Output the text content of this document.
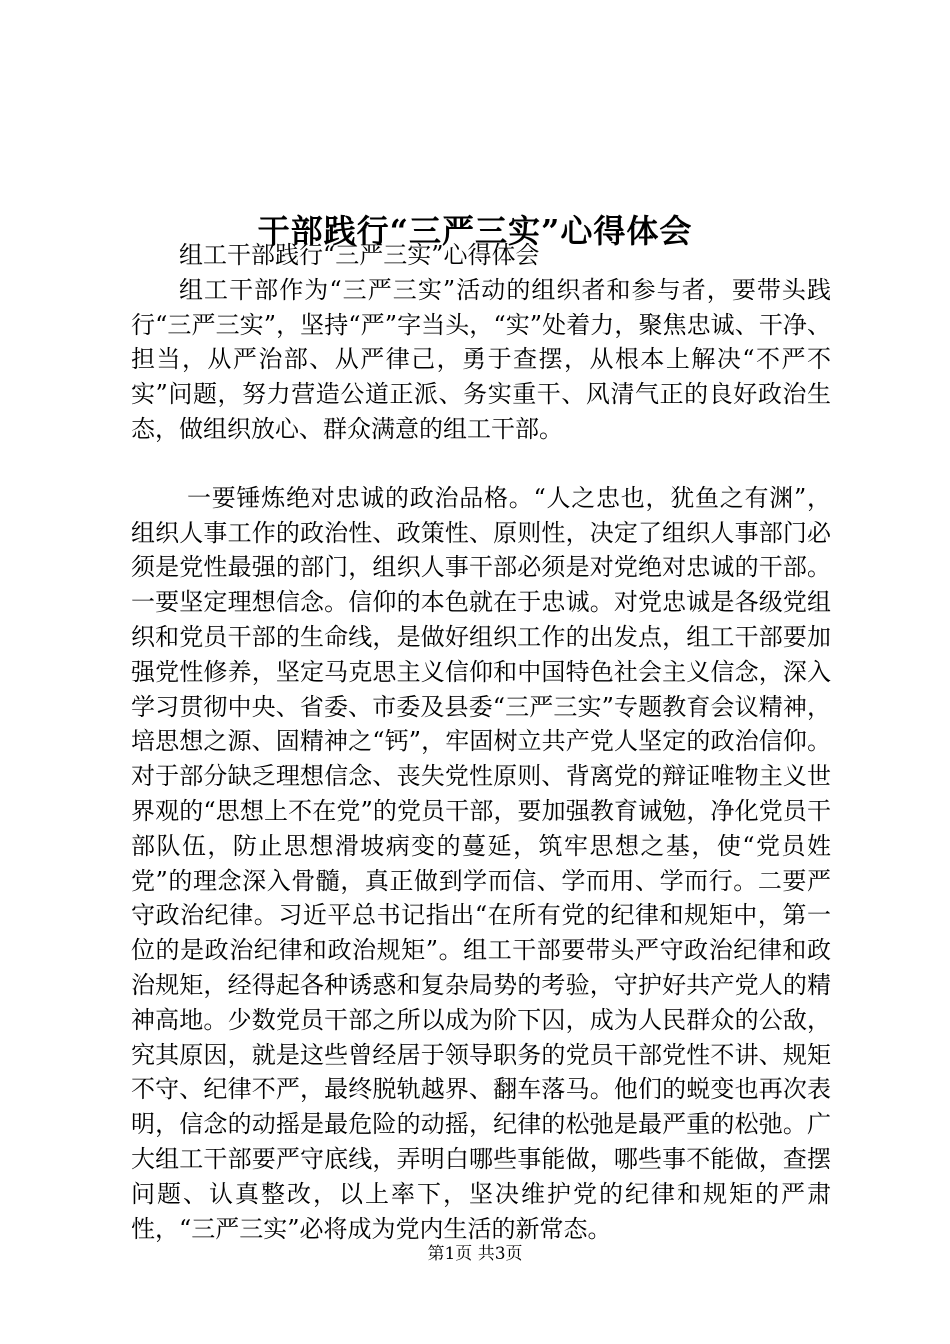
干部践行“三严三实”心得体会

组工干部践行“三严三实”心得体会

组工干部作为“三严三实”活动的组织者和参与者，要带头践行“三严三实”，坚持“严”字当头，“实”处着力，聚焦忠诚、干净、担当，从严治部、从严律己，勇于查摆，从根本上解决“不严不实”问题，努力营造公道正派、务实重干、风清气正的良好政治生态，做组织放心、群众满意的组工干部。

一要锤炼绝对忠诚的政治品格。“人之忠也，犹鱼之有渊”，组织人事工作的政治性、政策性、原则性，决定了组织人事部门必须是党性最强的部门，组织人事干部必须是对党绝对忠诚的干部。一要坚定理想信念。信仰的本色就在于忠诚。对党忠诚是各级党组织和党员干部的生命线，是做好组织工作的出发点，组工干部要加强党性修养，坚定马克思主义信仰和中国特色社会主义信念，深入学习贯彻中央、省委、市委及县委“三严三实”专题教育会议精神，培思想之源、固精神之“钙”，牢固树立共产党人坚定的政治信仰。对于部分缺乏理想信念、丧失党性原则、背离党的辩证唯物主义世界观的“思想上不在党”的党员干部，要加强教育诫勉，净化党员干部队伍，防止思想滑坡病变的蔓延，筑牢思想之基，使“党员姓党”的理念深入骨髓，真正做到学而信、学而用、学而行。二要严守政治纪律。习近平总书记指出“在所有党的纪律和规矩中，第一位的是政治纪律和政治规矩”。组工干部要带头严守政治纪律和政治规矩，经得起各种诱惑和复杂局势的考验，守护好共产党人的精神高地。少数党员干部之所以成为阶下囚，成为人民群众的公敌，究其原因，就是这些曾经居于领导职务的党员干部党性不讲、规矩不守、纪律不严，最终脱轨越界、翻车落马。他们的蜕变也再次表明，信念的动摇是最危险的动摇，纪律的松弛是最严重的松弛。广大组工干部要严守底线，弄明白哪些事能做，哪些事不能做，查摆问题、认真整改，以上率下，坚决维护党的纪律和规矩的严肃性，“三严三实”必将成为党内生活的新常态。

第1页 共3页
